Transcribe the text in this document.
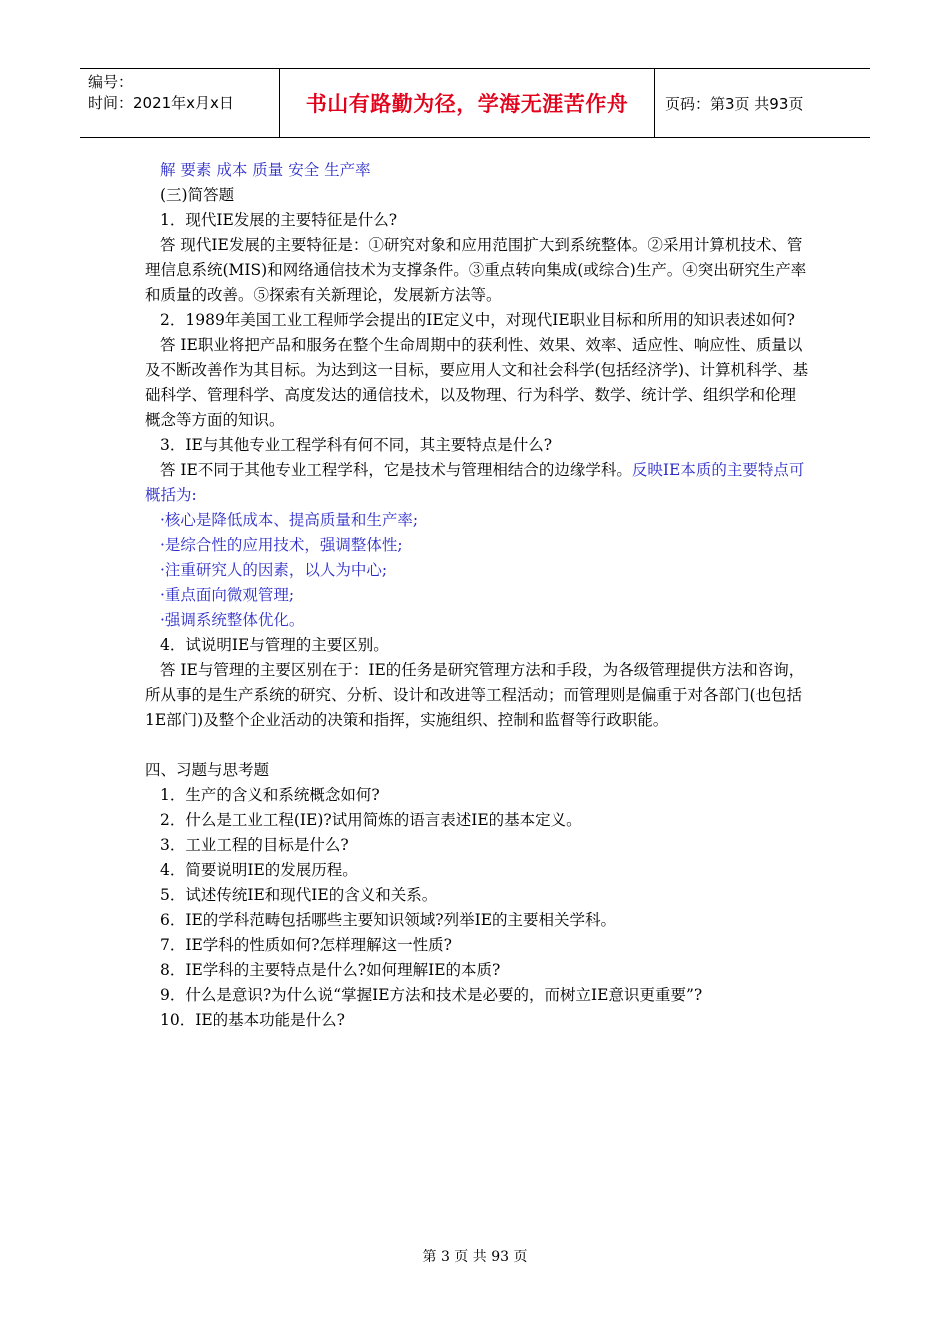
编号：
时间：2021年x月x日	书山有路勤为径，学海无涯苦作舟	页码：第3页 共93页

解 要素 成本 质量 安全 生产率

(三)简答题

1．现代IE发展的主要特征是什么?

答 现代IE发展的主要特征是：①研究对象和应用范围扩大到系统整体。②采用计算机技术、管理信息系统(MIS)和网络通信技术为支撑条件。③重点转向集成(或综合)生产。④突出研究生产率和质量的改善。⑤探索有关新理论，发展新方法等。

2．1989年美国工业工程师学会提出的IE定义中，对现代IE职业目标和所用的知识表述如何?

答 IE职业将把产品和服务在整个生命周期中的获利性、效果、效率、适应性、响应性、质量以及不断改善作为其目标。为达到这一目标，要应用人文和社会科学(包括经济学)、计算机科学、基础科学、管理科学、高度发达的通信技术，以及物理、行为科学、数学、统计学、组织学和伦理概念等方面的知识。

3．IE与其他专业工程学科有何不同，其主要特点是什么?

答 IE不同于其他专业工程学科，它是技术与管理相结合的边缘学科。反映IE本质的主要特点可概括为:

·核心是降低成本、提高质量和生产率;

·是综合性的应用技术，强调整体性;

·注重研究人的因素，以人为中心;

·重点面向微观管理;

·强调系统整体优化。

4．试说明IE与管理的主要区别。

答 IE与管理的主要区别在于：IE的任务是研究管理方法和手段，为各级管理提供方法和咨询，所从事的是生产系统的研究、分析、设计和改进等工程活动；而管理则是偏重于对各部门(也包括1E部门)及整个企业活动的决策和指挥，实施组织、控制和监督等行政职能。

四、习题与思考题

1．生产的含义和系统概念如何?

2．什么是工业工程(IE)?试用简炼的语言表述IE的基本定义。

3．工业工程的目标是什么?

4．简要说明IE的发展历程。

5．试述传统IE和现代IE的含义和关系。

6．IE的学科范畴包括哪些主要知识领域?列举IE的主要相关学科。

7．IE学科的性质如何?怎样理解这一性质?

8．IE学科的主要特点是什么?如何理解IE的本质?

9．什么是意识?为什么说“掌握IE方法和技术是必要的，而树立IE意识更重要”?

10．IE的基本功能是什么?

第 3 页 共 93 页
